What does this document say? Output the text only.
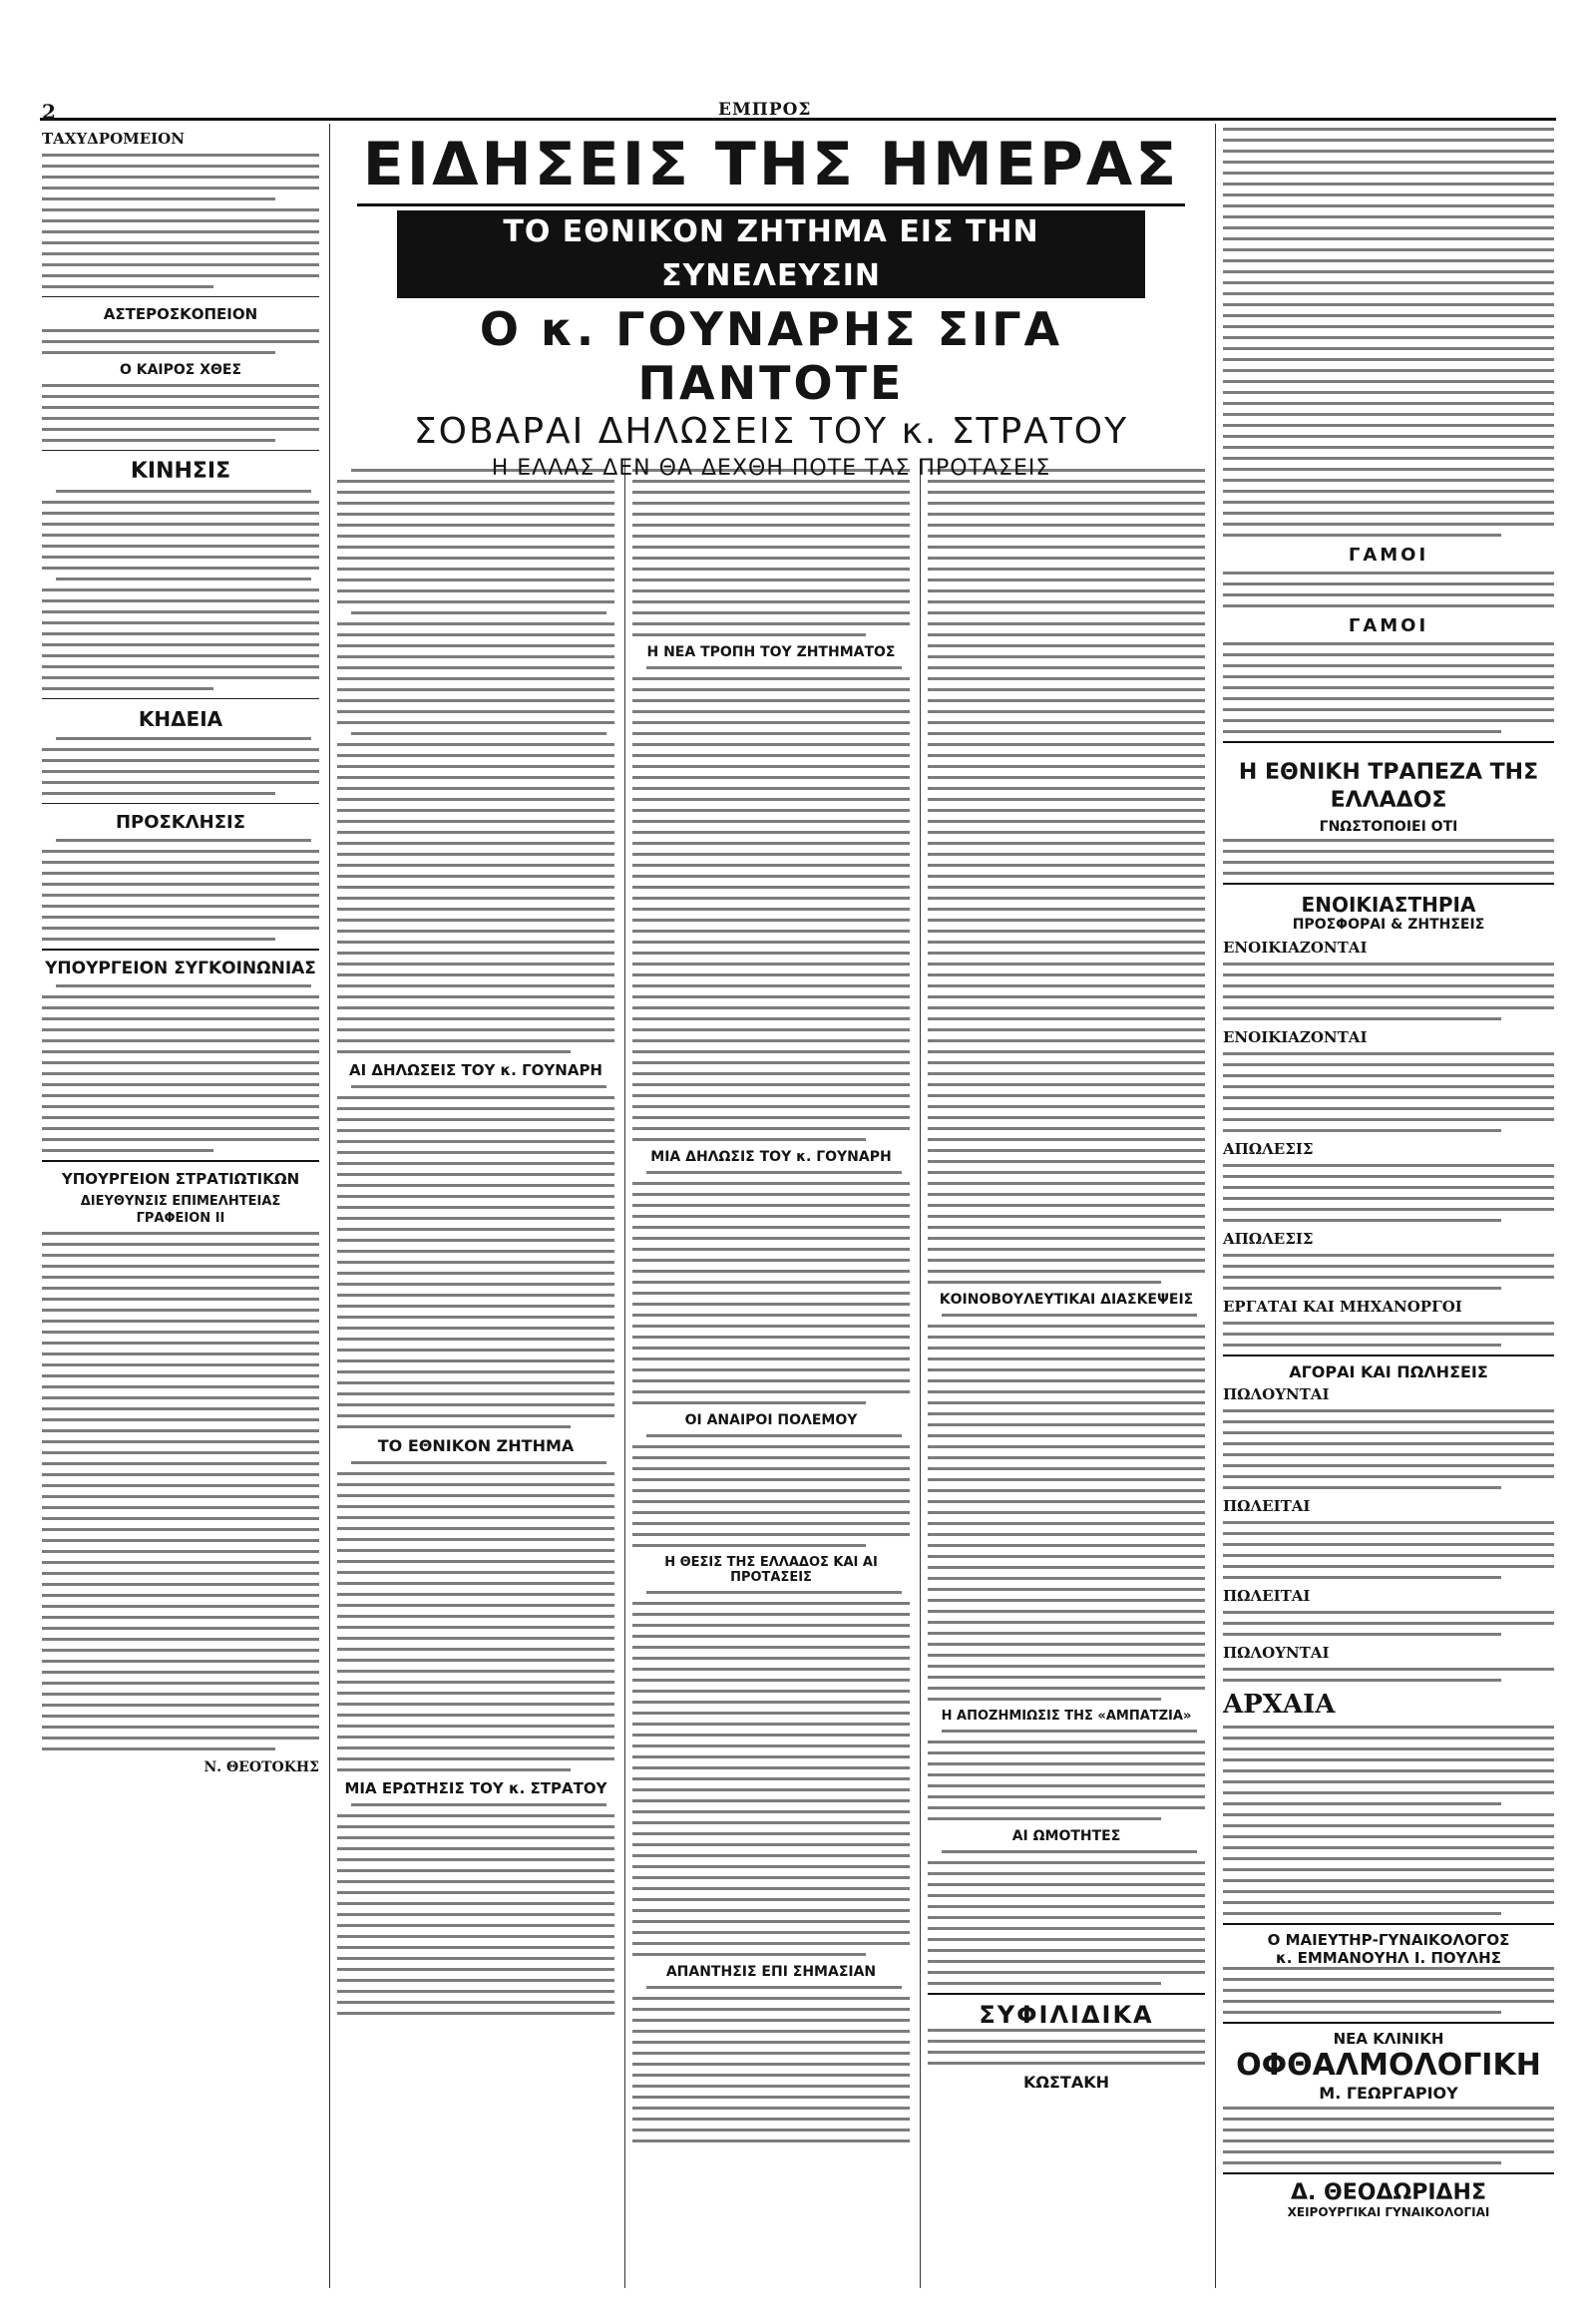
2	ΕΜΠΡΟΣ
ΕΙΔΗΣΕΙΣ ΤΗΣ ΗΜΕΡΑΣ
ΤΟ ΕΘΝΙΚΟΝ ΖΗΤΗΜΑ ΕΙΣ ΤΗΝ ΣΥΝΕΛΕΥΣΙΝ
Ο κ. ΓΟΥΝΑΡΗΣ ΣΙΓΑ ΠΑΝΤΟΤΕ
ΣΟΒΑΡΑΙ ΔΗΛΩΣΕΙΣ ΤΟΥ κ. ΣΤΡΑΤΟΥ
Η ΕΛΛΑΣ ΔΕΝ ΘΑ ΔΕΧΘΗ ΠΟΤΕ ΤΑΣ ΠΡΟΤΑΣΕΙΣ
ΤΑΧΥΔΡΟΜΕΙΟΝ
ΑΣΤΕΡΟΣΚΟΠΕΙΟΝ
Ο ΚΑΙΡΟΣ ΧΘΕΣ
ΚΙΝΗΣΙΣ
ΚΗΔΕΙΑ
ΠΡΟΣΚΛΗΣΙΣ
ΥΠΟΥΡΓΕΙΟΝ ΣΥΓΚΟΙΝΩΝΙΑΣ
ΥΠΟΥΡΓΕΙΟΝ ΣΤΡΑΤΙΩΤΙΚΩΝ
ΔΙΕΥΘΥΝΣΙΣ ΕΠΙΜΕΛΗΤΕΙΑΣ
ΓΡΑΦΕΙΟΝ ΙΙ
Ν. ΘΕΟΤΟΚΗΣ
ΑΙ ΔΗΛΩΣΕΙΣ ΤΟΥ κ. ΓΟΥΝΑΡΗ
ΤΟ ΕΘΝΙΚΟΝ ΖΗΤΗΜΑ
ΜΙΑ ΕΡΩΤΗΣΙΣ ΤΟΥ κ. ΣΤΡΑΤΟΥ
Η ΝΕΑ ΤΡΟΠΗ ΤΟΥ ΖΗΤΗΜΑΤΟΣ
ΜΙΑ ΔΗΛΩΣΙΣ ΤΟΥ κ. ΓΟΥΝΑΡΗ
ΟΙ ΑΝΑΙΡΟΙ ΠΟΛΕΜΟΥ
Η ΘΕΣΙΣ ΤΗΣ ΕΛΛΑΔΟΣ ΚΑΙ ΑΙ ΠΡΟΤΑΣΕΙΣ
ΑΠΑΝΤΗΣΙΣ ΕΠΙ ΣΗΜΑΣΙΑΝ
ΚΟΙΝΟΒΟΥΛΕΥΤΙΚΑΙ ΔΙΑΣΚΕΨΕΙΣ
Η ΑΠΟΖΗΜΙΩΣΙΣ ΤΗΣ «ΑΜΠΑΤΖΙΑ»
ΑΙ ΩΜΟΤΗΤΕΣ
ΣΥΦΙΛΙΔΙΚΑ
ΚΩΣΤΑΚΗ
ΓΑΜΟΙ
ΓΑΜΟΙ
Η ΕΘΝΙΚΗ ΤΡΑΠΕΖΑ ΤΗΣ ΕΛΛΑΔΟΣ
ΓΝΩΣΤΟΠΟΙΕΙ ΟΤΙ
ΕΝΟΙΚΙΑΣΤΗΡΙΑ
ΠΡΟΣΦΟΡΑΙ & ΖΗΤΗΣΕΙΣ
ΕΝΟΙΚΙΑΖΟΝΤΑΙ
ΕΝΟΙΚΙΑΖΟΝΤΑΙ
ΑΠΩΛΕΣΙΣ
ΑΠΩΛΕΣΙΣ
ΕΡΓΑΤΑΙ ΚΑΙ ΜΗΧΑΝΟΡΓΟΙ
ΑΓΟΡΑΙ ΚΑΙ ΠΩΛΗΣΕΙΣ
ΠΩΛΟΥΝΤΑΙ
ΠΩΛΕΙΤΑΙ
ΠΩΛΕΙΤΑΙ
ΠΩΛΟΥΝΤΑΙ
ΑΡΧΑΙΑ
Ο ΜΑΙΕΥΤΗΡ-ΓΥΝΑΙΚΟΛΟΓΟΣ
κ. ΕΜΜΑΝΟΥΗΛ Ι. ΠΟΥΛΗΣ
ΝΕΑ ΚΛΙΝΙΚΗ
ΟΦΘΑΛΜΟΛΟΓΙΚΗ
Μ. ΓΕΩΡΓΑΡΙΟΥ
Δ. ΘΕΟΔΩΡΙΔΗΣ
ΧΕΙΡΟΥΡΓΙΚΑΙ ΓΥΝΑΙΚΟΛΟΓΙΑΙ
